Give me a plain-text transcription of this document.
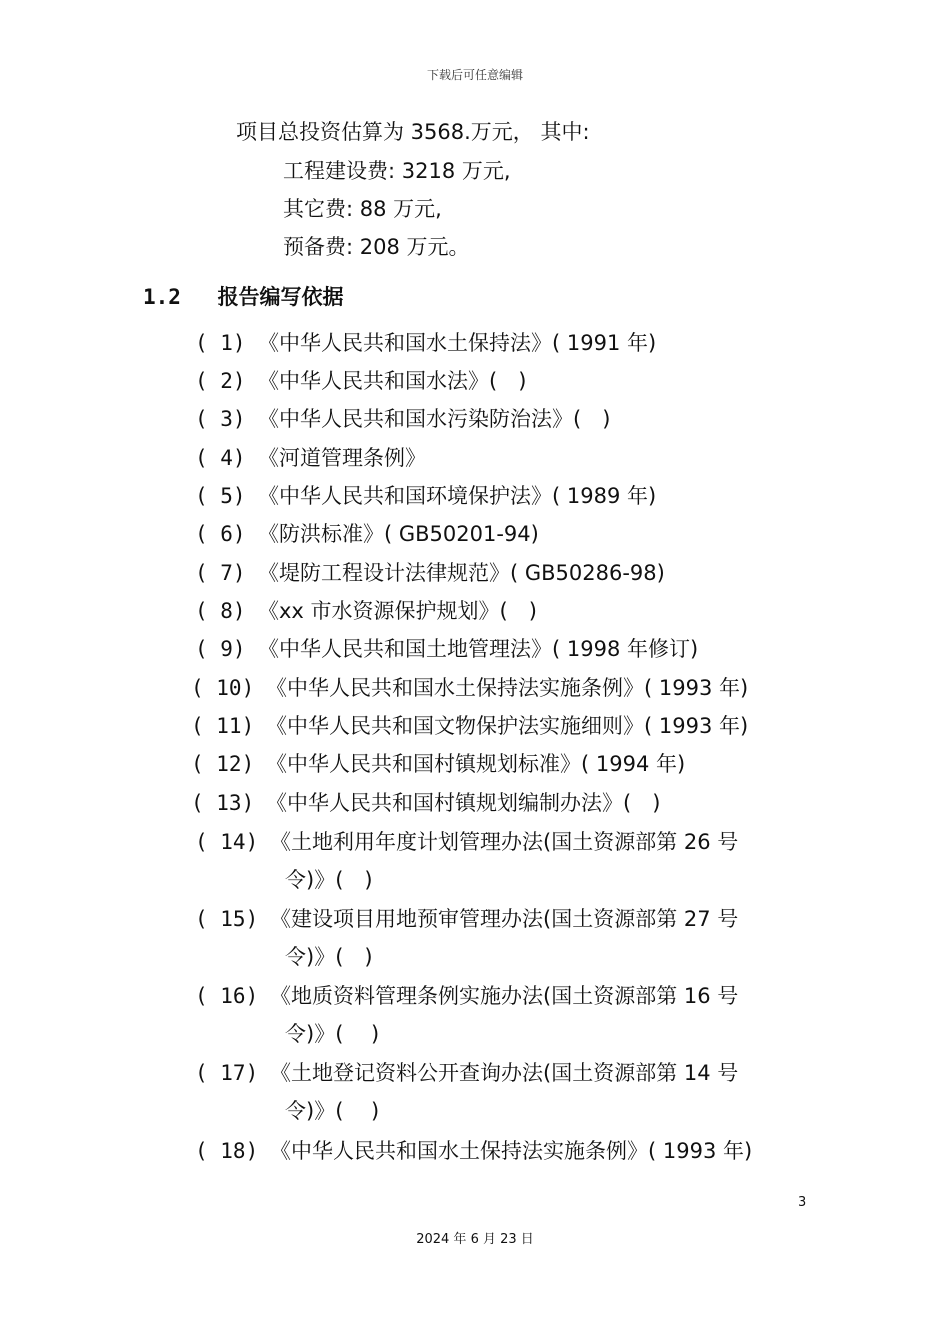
下载后可任意编辑
项目总投资估算为 3568.万元， 其中:
工程建设费: 3218 万元,
其它费: 88 万元,
预备费: 208 万元。
1.2 报告编写依据
( 1) 《中华人民共和国水土保持法》( 1991 年)
( 2) 《中华人民共和国水法》(　)
( 3) 《中华人民共和国水污染防治法》(　)
( 4) 《河道管理条例》
( 5) 《中华人民共和国环境保护法》( 1989 年)
( 6) 《防洪标准》( GB50201-94)
( 7) 《堤防工程设计法律规范》( GB50286-98)
( 8) 《xx 市水资源保护规划》(　)
( 9) 《中华人民共和国土地管理法》( 1998 年修订)
( 10) 《中华人民共和国水土保持法实施条例》( 1993 年)
( 11) 《中华人民共和国文物保护法实施细则》( 1993 年)
( 12) 《中华人民共和国村镇规划标准》( 1994 年)
( 13) 《中华人民共和国村镇规划编制办法》(　)
( 14) 《土地利用年度计划管理办法(国土资源部第 26 号
令)》(　)
( 15) 《建设项目用地预审管理办法(国土资源部第 27 号
令)》(　)
( 16) 《地质资料管理条例实施办法(国土资源部第 16 号
令)》(　 )
( 17) 《土地登记资料公开查询办法(国土资源部第 14 号
令)》(　 )
( 18) 《中华人民共和国水土保持法实施条例》( 1993 年)
3
2024 年 6 月 23 日
